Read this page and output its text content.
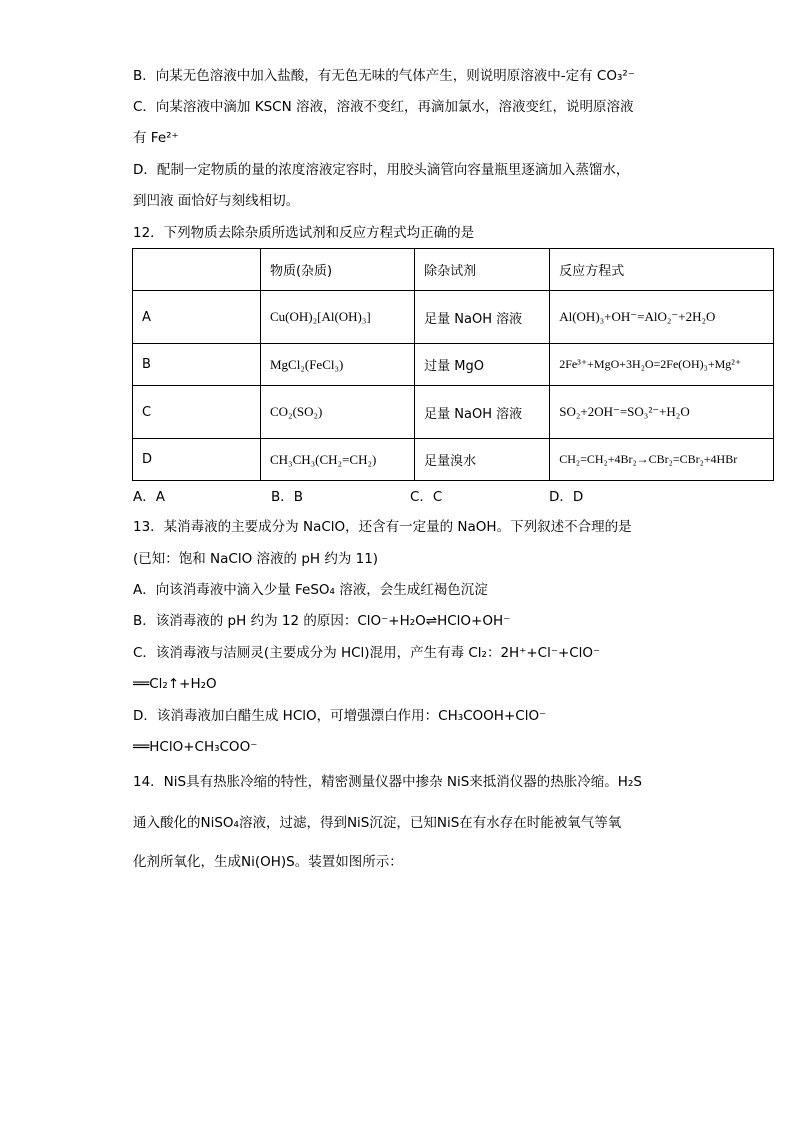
B．向某无色溶液中加入盐酸，有无色无味的气体产生，则说明原溶液中-定有 CO₃²⁻
C．向某溶液中滴加 KSCN 溶液，溶液不变红，再滴加氯水，溶液变红，说明原溶液
有 Fe²⁺
D．配制一定物质的量的浓度溶液定容时，用胶头滴管向容量瓶里逐滴加入蒸馏水，
到凹液 面恰好与刻线相切。
12．下列物质去除杂质所选试剂和反应方程式均正确的是
	物质(杂质)	除杂试剂	反应方程式
A	Cu(OH)₂[Al(OH)₃]	足量 NaOH 溶液	Al(OH)₃+OH⁻=AlO₂⁻+2H₂O
B	MgCl₂(FeCl₃)	过量 MgO	2Fe³⁺+MgO+3H₂O=2Fe(OH)₃+Mg²⁺
C	CO₂(SO₂)	足量 NaOH 溶液	SO₂+2OH⁻=SO₃²⁻+H₂O
D	CH₃CH₃(CH₂=CH₂)	足量溴水	CH₂=CH₂+4Br₂→CBr₂=CBr₂+4HBr
A．A	B．B	C．C	D．D
13．某消毒液的主要成分为 NaClO，还含有一定量的 NaOH。下列叙述不合理的是
(已知：饱和 NaClO 溶液的 pH 约为 11)
A．向该消毒液中滴入少量 FeSO₄ 溶液，会生成红褐色沉淀
B．该消毒液的 pH 约为 12 的原因：ClO⁻+H₂O⇌HClO+OH⁻
C．该消毒液与洁厕灵(主要成分为 HCl)混用，产生有毒 Cl₂：2H⁺+Cl⁻+ClO⁻
══Cl₂↑+H₂O
D．该消毒液加白醋生成 HClO，可增强漂白作用：CH₃COOH+ClO⁻
══HClO+CH₃COO⁻
14．NiS具有热胀冷缩的特性，精密测量仪器中掺杂 NiS来抵消仪器的热胀冷缩。H₂S
通入酸化的NiSO₄溶液，过滤，得到NiS沉淀，已知NiS在有水存在时能被氧气等氧
化剂所氧化，生成Ni(OH)S。装置如图所示：
